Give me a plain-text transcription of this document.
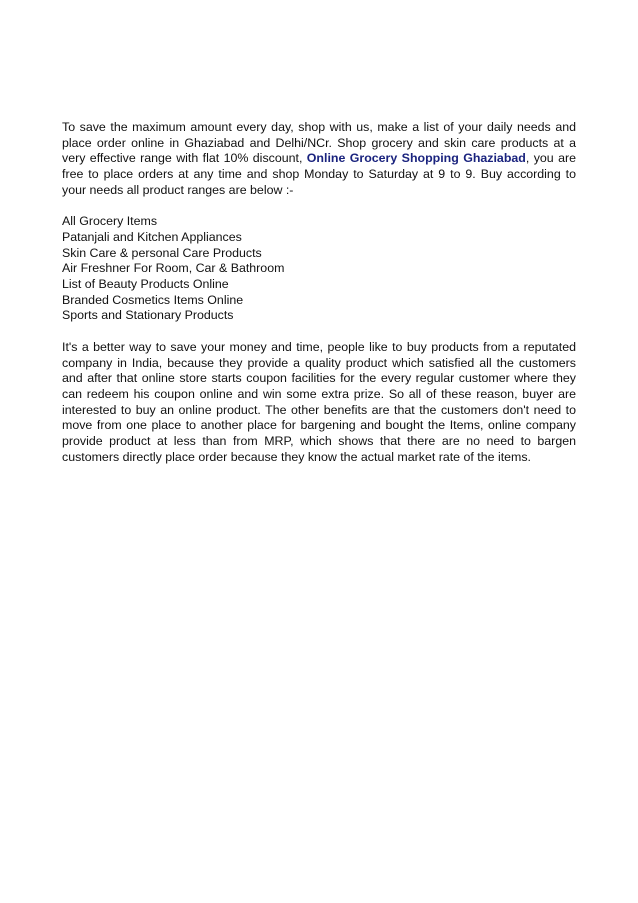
To save the maximum amount every day, shop with us, make a list of your daily needs and place order online in Ghaziabad and Delhi/NCr. Shop grocery and skin care products at a very effective range with flat 10% discount, Online Grocery Shopping Ghaziabad, you are free to place orders at any time and shop Monday to Saturday at 9 to 9. Buy according to your needs all product ranges are below :-

All Grocery Items
Patanjali and Kitchen Appliances
Skin Care & personal Care Products
Air Freshner For Room, Car & Bathroom
List of Beauty Products Online
Branded Cosmetics Items Online
Sports and Stationary Products

It's a better way to save your money and time, people like to buy products from a reputated company in India, because they provide a quality product which satisfied all the customers and after that online store starts coupon facilities for the every regular customer where they can redeem his coupon online and win some extra prize. So all of these reason, buyer are interested to buy an online product. The other benefits are that the customers don't need to move from one place to another place for bargening and bought the Items, online company provide product at less than from MRP, which shows that there are no need to bargen customers directly place order because they know the actual market rate of the items.
